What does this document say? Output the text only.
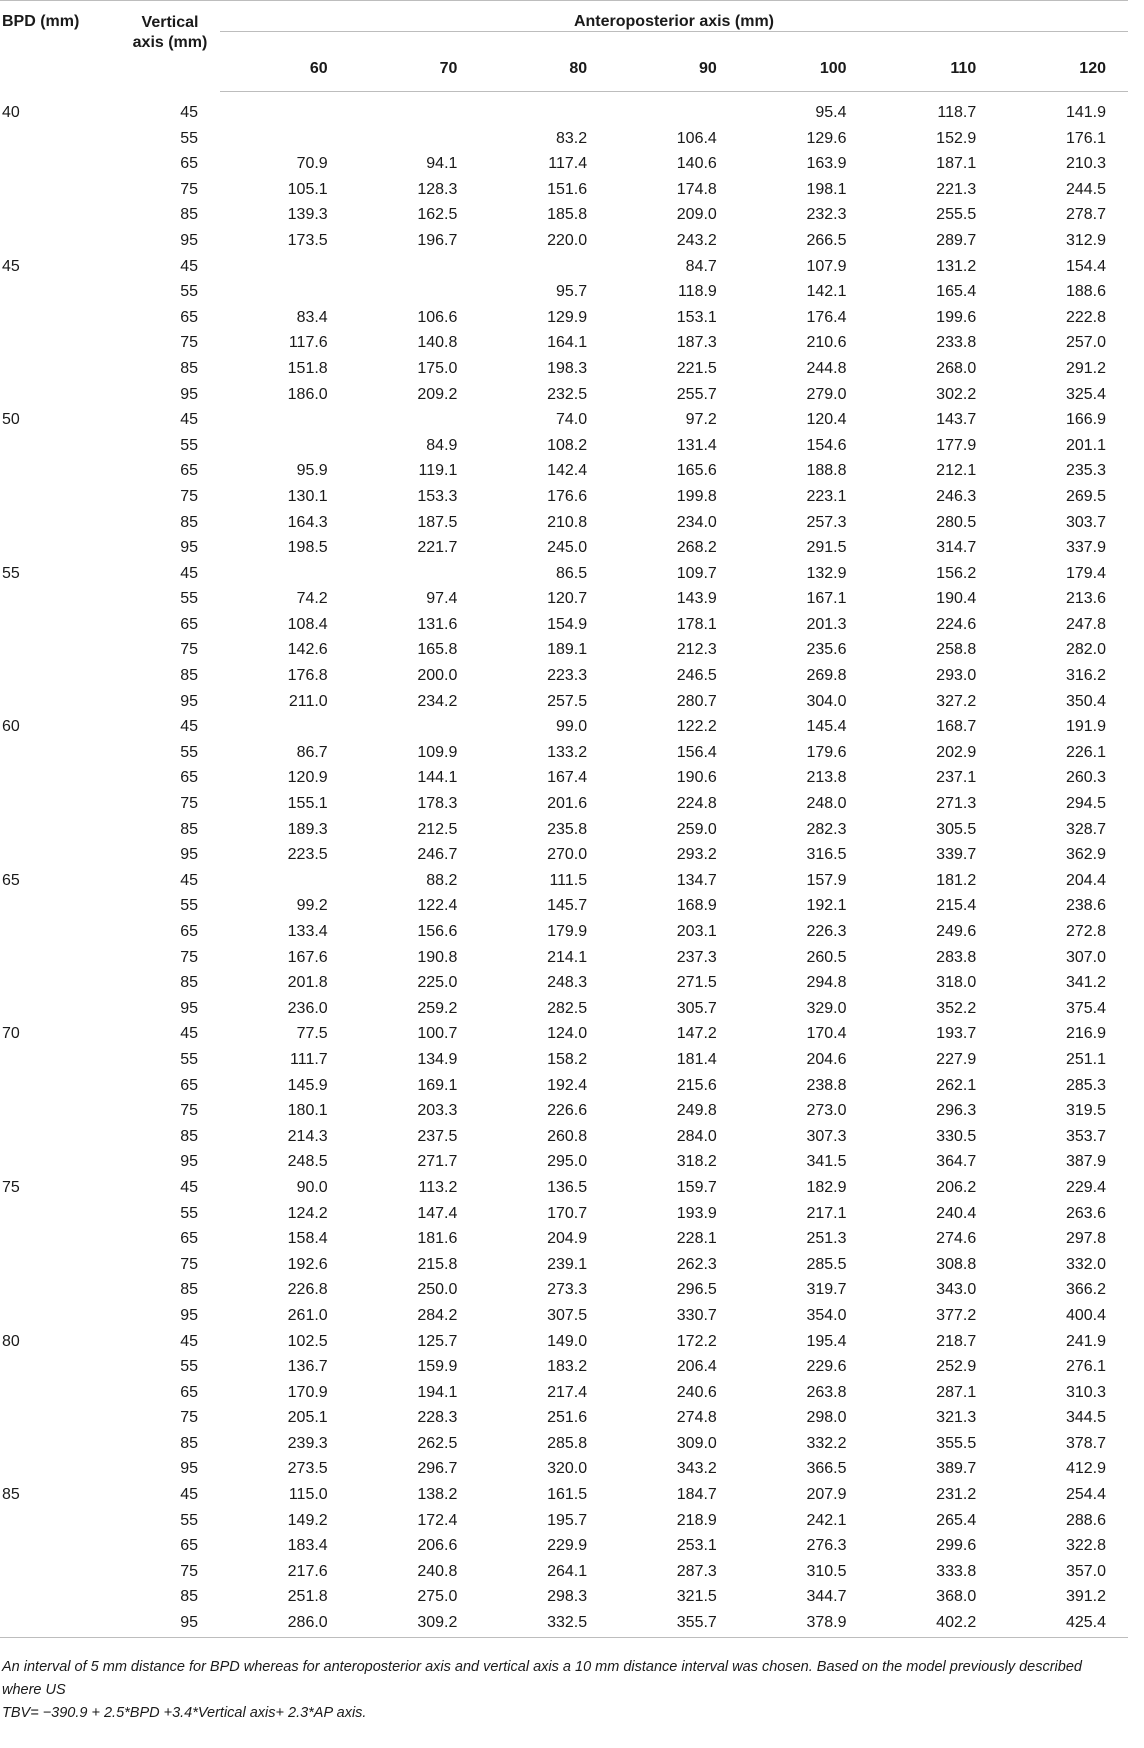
BPD (mm)	Vertical
axis (mm)	Anteroposterior axis (mm)						
		60	70	80	90	100	110	120
40	45					95.4	118.7	141.9
	55			83.2	106.4	129.6	152.9	176.1
	65	70.9	94.1	117.4	140.6	163.9	187.1	210.3
	75	105.1	128.3	151.6	174.8	198.1	221.3	244.5
	85	139.3	162.5	185.8	209.0	232.3	255.5	278.7
	95	173.5	196.7	220.0	243.2	266.5	289.7	312.9
45	45				84.7	107.9	131.2	154.4
	55			95.7	118.9	142.1	165.4	188.6
	65	83.4	106.6	129.9	153.1	176.4	199.6	222.8
	75	117.6	140.8	164.1	187.3	210.6	233.8	257.0
	85	151.8	175.0	198.3	221.5	244.8	268.0	291.2
	95	186.0	209.2	232.5	255.7	279.0	302.2	325.4
50	45			74.0	97.2	120.4	143.7	166.9
	55		84.9	108.2	131.4	154.6	177.9	201.1
	65	95.9	119.1	142.4	165.6	188.8	212.1	235.3
	75	130.1	153.3	176.6	199.8	223.1	246.3	269.5
	85	164.3	187.5	210.8	234.0	257.3	280.5	303.7
	95	198.5	221.7	245.0	268.2	291.5	314.7	337.9
55	45			86.5	109.7	132.9	156.2	179.4
	55	74.2	97.4	120.7	143.9	167.1	190.4	213.6
	65	108.4	131.6	154.9	178.1	201.3	224.6	247.8
	75	142.6	165.8	189.1	212.3	235.6	258.8	282.0
	85	176.8	200.0	223.3	246.5	269.8	293.0	316.2
	95	211.0	234.2	257.5	280.7	304.0	327.2	350.4
60	45			99.0	122.2	145.4	168.7	191.9
	55	86.7	109.9	133.2	156.4	179.6	202.9	226.1
	65	120.9	144.1	167.4	190.6	213.8	237.1	260.3
	75	155.1	178.3	201.6	224.8	248.0	271.3	294.5
	85	189.3	212.5	235.8	259.0	282.3	305.5	328.7
	95	223.5	246.7	270.0	293.2	316.5	339.7	362.9
65	45		88.2	111.5	134.7	157.9	181.2	204.4
	55	99.2	122.4	145.7	168.9	192.1	215.4	238.6
	65	133.4	156.6	179.9	203.1	226.3	249.6	272.8
	75	167.6	190.8	214.1	237.3	260.5	283.8	307.0
	85	201.8	225.0	248.3	271.5	294.8	318.0	341.2
	95	236.0	259.2	282.5	305.7	329.0	352.2	375.4
70	45	77.5	100.7	124.0	147.2	170.4	193.7	216.9
	55	111.7	134.9	158.2	181.4	204.6	227.9	251.1
	65	145.9	169.1	192.4	215.6	238.8	262.1	285.3
	75	180.1	203.3	226.6	249.8	273.0	296.3	319.5
	85	214.3	237.5	260.8	284.0	307.3	330.5	353.7
	95	248.5	271.7	295.0	318.2	341.5	364.7	387.9
75	45	90.0	113.2	136.5	159.7	182.9	206.2	229.4
	55	124.2	147.4	170.7	193.9	217.1	240.4	263.6
	65	158.4	181.6	204.9	228.1	251.3	274.6	297.8
	75	192.6	215.8	239.1	262.3	285.5	308.8	332.0
	85	226.8	250.0	273.3	296.5	319.7	343.0	366.2
	95	261.0	284.2	307.5	330.7	354.0	377.2	400.4
80	45	102.5	125.7	149.0	172.2	195.4	218.7	241.9
	55	136.7	159.9	183.2	206.4	229.6	252.9	276.1
	65	170.9	194.1	217.4	240.6	263.8	287.1	310.3
	75	205.1	228.3	251.6	274.8	298.0	321.3	344.5
	85	239.3	262.5	285.8	309.0	332.2	355.5	378.7
	95	273.5	296.7	320.0	343.2	366.5	389.7	412.9
85	45	115.0	138.2	161.5	184.7	207.9	231.2	254.4
	55	149.2	172.4	195.7	218.9	242.1	265.4	288.6
	65	183.4	206.6	229.9	253.1	276.3	299.6	322.8
	75	217.6	240.8	264.1	287.3	310.5	333.8	357.0
	85	251.8	275.0	298.3	321.5	344.7	368.0	391.2
	95	286.0	309.2	332.5	355.7	378.9	402.2	425.4
An interval of 5 mm distance for BPD whereas for anteroposterior axis and vertical axis a 10 mm distance interval was chosen. Based on the model previously described where US
TBV= −390.9 + 2.5*BPD +3.4*Vertical axis+ 2.3*AP axis.
